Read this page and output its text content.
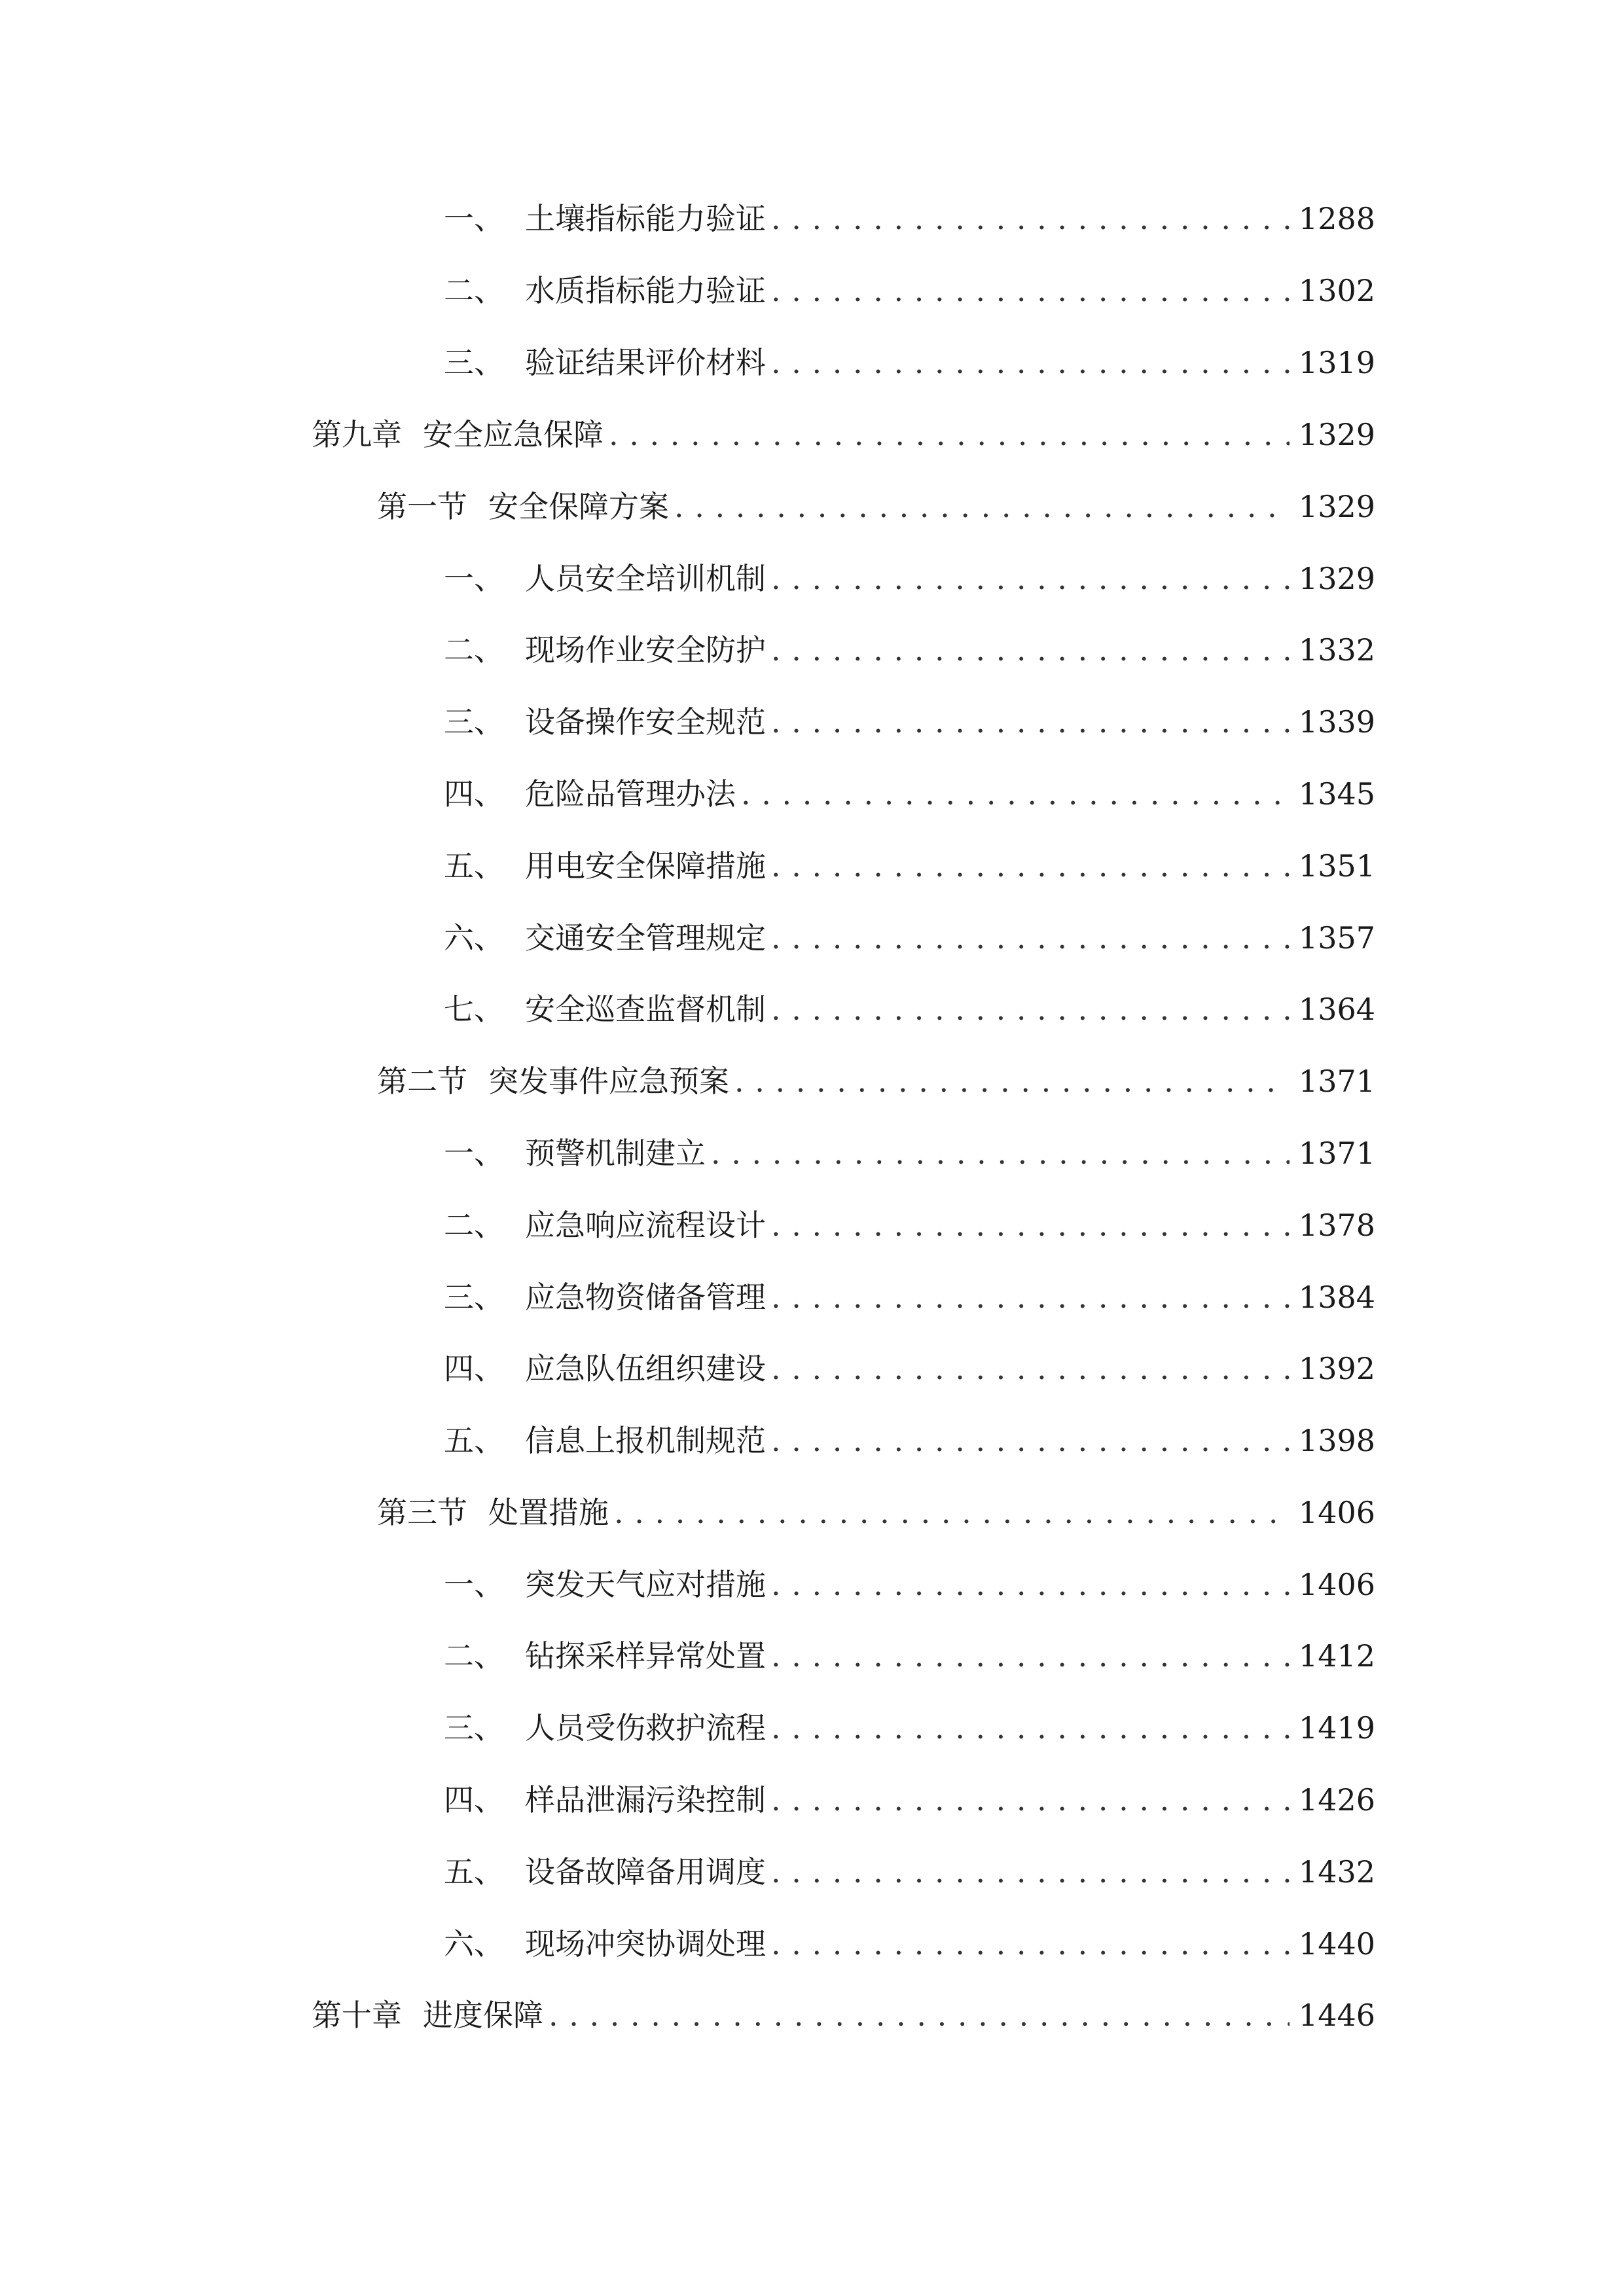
一、 土壤指标能力验证 . . .	1288
二、 水质指标能力验证 . . .	1302
三、 验证结果评价材料 . . .	1319
第九章 安全应急保障 . . .	1329
第一节 安全保障方案 . . .	1329
一、 人员安全培训机制 . . .	1329
二、 现场作业安全防护 . . .	1332
三、 设备操作安全规范 . . .	1339
四、 危险品管理办法 . . .	1345
五、 用电安全保障措施 . . .	1351
六、 交通安全管理规定 . . .	1357
七、 安全巡查监督机制 . . .	1364
第二节 突发事件应急预案 . . .	1371
一、 预警机制建立 . . .	1371
二、 应急响应流程设计 . . .	1378
三、 应急物资储备管理 . . .	1384
四、 应急队伍组织建设 . . .	1392
五、 信息上报机制规范 . . .	1398
第三节 处置措施 . . .	1406
一、 突发天气应对措施 . . .	1406
二、 钻探采样异常处置 . . .	1412
三、 人员受伤救护流程 . . .	1419
四、 样品泄漏污染控制 . . .	1426
五、 设备故障备用调度 . . .	1432
六、 现场冲突协调处理 . . .	1440
第十章 进度保障 . . .	1446
